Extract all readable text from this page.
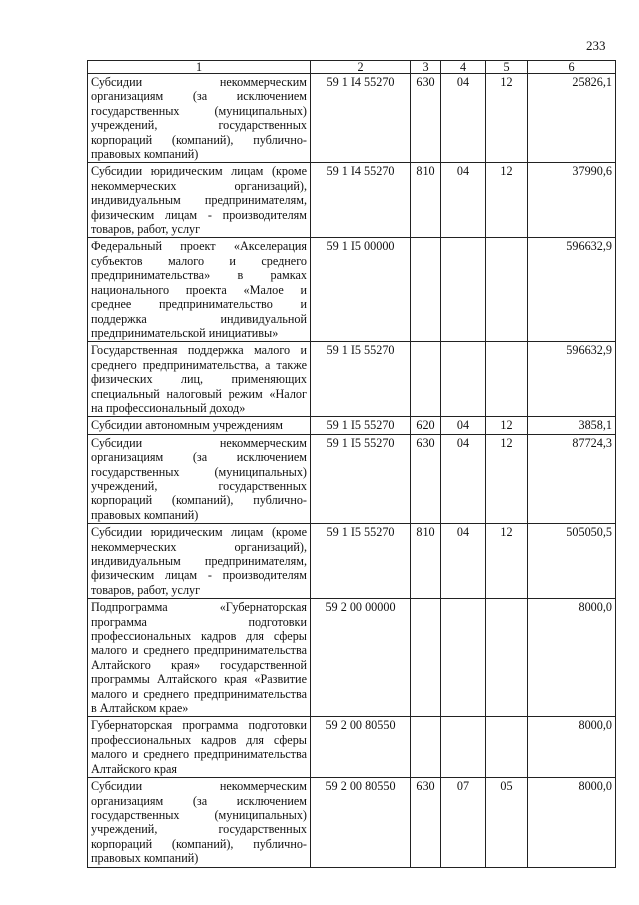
233
1	2	3	4	5	6
Субсидии некоммерческим организациям (за исключением государственных (муниципальных) учреждений, государственных корпораций (компаний), публично-правовых компаний)	59 1 I4 55270	630	04	12	25826,1
Субсидии юридическим лицам (кроме некоммерческих организаций), индивидуальным предпринимателям, физическим лицам - производителям товаров, работ, услуг	59 1 I4 55270	810	04	12	37990,6
Федеральный проект «Акселерация субъектов малого и среднего предпринимательства» в рамках национального проекта «Малое и среднее предпринимательство и поддержка индивидуальной предпринимательской инициативы»	59 1 I5 00000				596632,9
Государственная поддержка малого и среднего предпринимательства, а также физических лиц, применяющих специальный налоговый режим «Налог на профессиональный доход»	59 1 I5 55270				596632,9
Субсидии автономным учреждениям	59 1 I5 55270	620	04	12	3858,1
Субсидии некоммерческим организациям (за исключением государственных (муниципальных) учреждений, государственных корпораций (компаний), публично-правовых компаний)	59 1 I5 55270	630	04	12	87724,3
Субсидии юридическим лицам (кроме некоммерческих организаций), индивидуальным предпринимателям, физическим лицам - производителям товаров, работ, услуг	59 1 I5 55270	810	04	12	505050,5
Подпрограмма «Губернаторская программа подготовки профессиональных кадров для сферы малого и среднего предпринимательства Алтайского края» государственной программы Алтайского края «Развитие малого и среднего предпринимательства в Алтайском крае»	59 2 00 00000				8000,0
Губернаторская программа подготовки профессиональных кадров для сферы малого и среднего предпринимательства Алтайского края	59 2 00 80550				8000,0
Субсидии некоммерческим организациям (за исключением государственных (муниципальных) учреждений, государственных корпораций (компаний), публично-правовых компаний)	59 2 00 80550	630	07	05	8000,0
